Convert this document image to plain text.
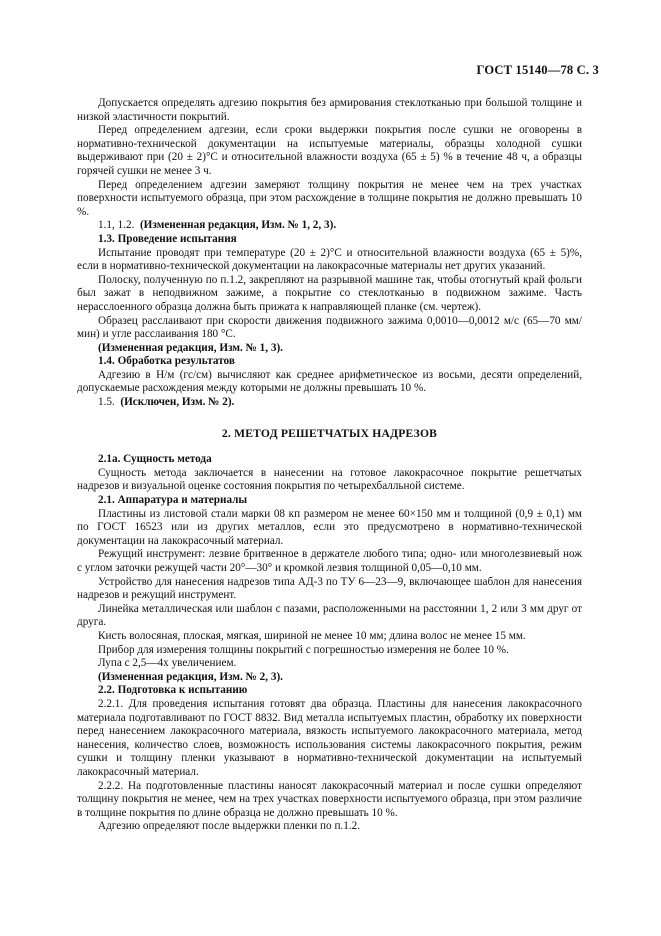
ГОСТ 15140—78 С. 3

Допускается определять адгезию покрытия без армирования стеклотканью при большой толщине и низкой эластичности покрытий.

Перед определением адгезии, если сроки выдержки покрытия после сушки не оговорены в нормативно-технической документации на испытуемые материалы, образцы холодной сушки выдерживают при (20 ± 2)°С и относительной влажности воздуха (65 ± 5) % в течение 48 ч, а образцы горячей сушки не менее 3 ч.

Перед определением адгезии замеряют толщину покрытия не менее чем на трех участках поверхности испытуемого образца, при этом расхождение в толщине покрытия не должно превышать 10 %.

1.1, 1.2. (Измененная редакция, Изм. № 1, 2, 3).

1.3. Проведение испытания

Испытание проводят при температуре (20 ± 2)°С и относительной влажности воздуха (65 ± 5)%, если в нормативно-технической документации на лакокрасочные материалы нет других указаний.

Полоску, полученную по п.1.2, закрепляют на разрывной машине так, чтобы отогнутый край фольги был зажат в неподвижном зажиме, а покрытие со стеклотканью в подвижном зажиме. Часть нерасслоенного образца должна быть прижата к направляющей планке (см. чертеж).

Образец расслаивают при скорости движения подвижного зажима 0,0010—0,0012 м/с (65—70 мм/мин) и угле расслаивания 180 °С.

(Измененная редакция, Изм. № 1, 3).

1.4. Обработка результатов

Адгезию в Н/м (гс/см) вычисляют как среднее арифметическое из восьми, десяти определений, допускаемые расхождения между которыми не должны превышать 10 %.

1.5. (Исключен, Изм. № 2).

2. МЕТОД РЕШЕТЧАТЫХ НАДРЕЗОВ

2.1а. Сущность метода

Сущность метода заключается в нанесении на готовое лакокрасочное покрытие решетчатых надрезов и визуальной оценке состояния покрытия по четырехбалльной системе.

2.1. Аппаратура и материалы

Пластины из листовой стали марки 08 кп размером не менее 60×150 мм и толщиной (0,9 ± 0,1) мм по ГОСТ 16523 или из других металлов, если это предусмотрено в нормативно-технической документации на лакокрасочный материал.

Режущий инструмент: лезвие бритвенное в держателе любого типа; одно- или многолезвиевый нож с углом заточки режущей части 20°—30° и кромкой лезвия толщиной 0,05—0,10 мм.

Устройство для нанесения надрезов типа АД-3 по ТУ 6—23—9, включающее шаблон для нанесения надрезов и режущий инструмент.

Линейка металлическая или шаблон с пазами, расположенными на расстоянии 1, 2 или 3 мм друг от друга.

Кисть волосяная, плоская, мягкая, шириной не менее 10 мм; длина волос не менее 15 мм.

Прибор для измерения толщины покрытий с погрешностью измерения не более 10 %.

Лупа с 2,5—4х увеличением.

(Измененная редакция, Изм. № 2, 3).

2.2. Подготовка к испытанию

2.2.1. Для проведения испытания готовят два образца. Пластины для нанесения лакокрасочного материала подготавливают по ГОСТ 8832. Вид металла испытуемых пластин, обработку их поверхности перед нанесением лакокрасочного материала, вязкость испытуемого лакокрасочного материала, метод нанесения, количество слоев, возможность использования системы лакокрасочного покрытия, режим сушки и толщину пленки указывают в нормативно-технической документации на испытуемый лакокрасочный материал.

2.2.2. На подготовленные пластины наносят лакокрасочный материал и после сушки определяют толщину покрытия не менее, чем на трех участках поверхности испытуемого образца, при этом различие в толщине покрытия по длине образца не должно превышать 10 %.

Адгезию определяют после выдержки пленки по п.1.2.
